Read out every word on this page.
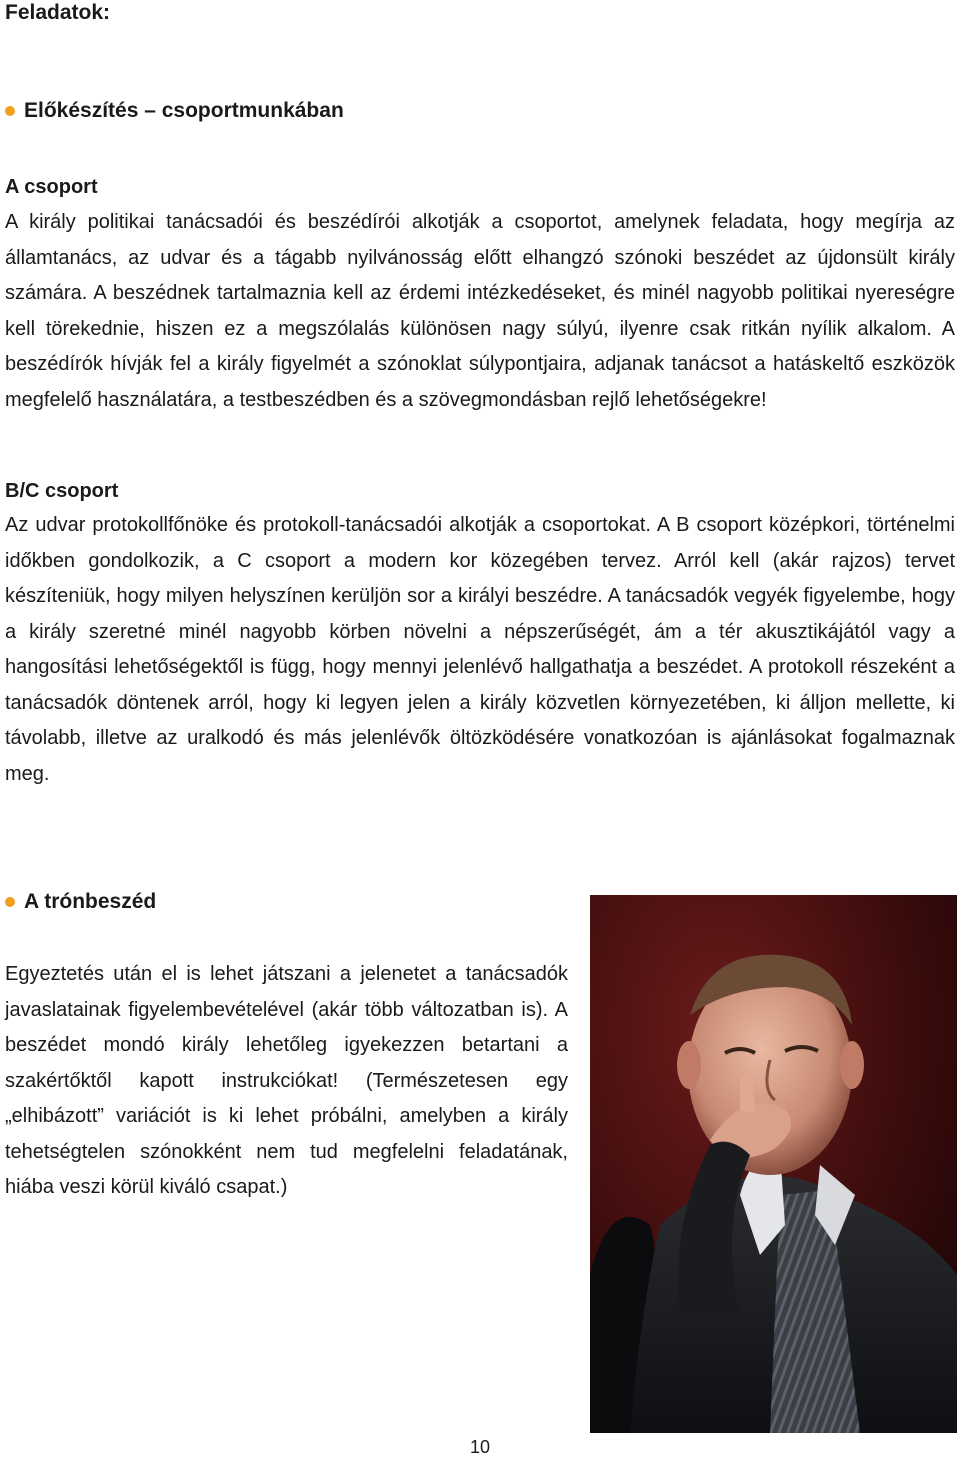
Feladatok:
Előkészítés – csoportmunkában
A csoport

A király politikai tanácsadói és beszédírói alkotják a csoportot, amelynek feladata, hogy megírja az államtanács, az udvar és a tágabb nyilvánosság előtt elhangzó szónoki beszédet az újdonsült király számára. A beszédnek tartalmaznia kell az érdemi intézkedéseket, és minél nagyobb politikai nyereségre kell törekednie, hiszen ez a megszólalás különösen nagy súlyú, ilyenre csak ritkán nyílik alkalom. A beszédírók hívják fel a király figyelmét a szónoklat súlypontjaira, adjanak tanácsot a hatáskeltő eszközök megfelelő használatára, a testbeszédben és a szövegmondásban rejlő lehetőségekre!

B/C csoport

Az udvar protokollfőnöke és protokoll-tanácsadói alkotják a csoportokat. A B csoport középkori, történelmi időkben gondolkozik, a C csoport a modern kor közegében tervez. Arról kell (akár rajzos) tervet készíteniük, hogy milyen helyszínen kerüljön sor a királyi beszédre. A tanácsadók vegyék figyelembe, hogy a király szeretné minél nagyobb körben növelni a népszerűségét, ám a tér akusztikájától vagy a hangosítási lehetőségektől is függ, hogy mennyi jelenlévő hallgathatja a beszédet. A protokoll részeként a tanácsadók döntenek arról, hogy ki legyen jelen a király közvetlen környezetében, ki álljon mellette, ki távolabb, illetve az uralkodó és más jelenlévők öltözködésére vonatkozóan is ajánlásokat fogalmaznak meg.

A trónbeszéd

Egyeztetés után el is lehet játszani a jelenetet a tanácsadók javaslatainak figyelembevételével (akár több változatban is). A beszédet mondó király lehetőleg igyekezzen betartani a szakértőktől kapott instrukciókat! (Természetesen egy „elhibázott” variációt is ki lehet próbálni, amelyben a király tehetségtelen szónokként nem tud megfelelni feladatának, hiába veszi körül kiváló csapat.)

10
